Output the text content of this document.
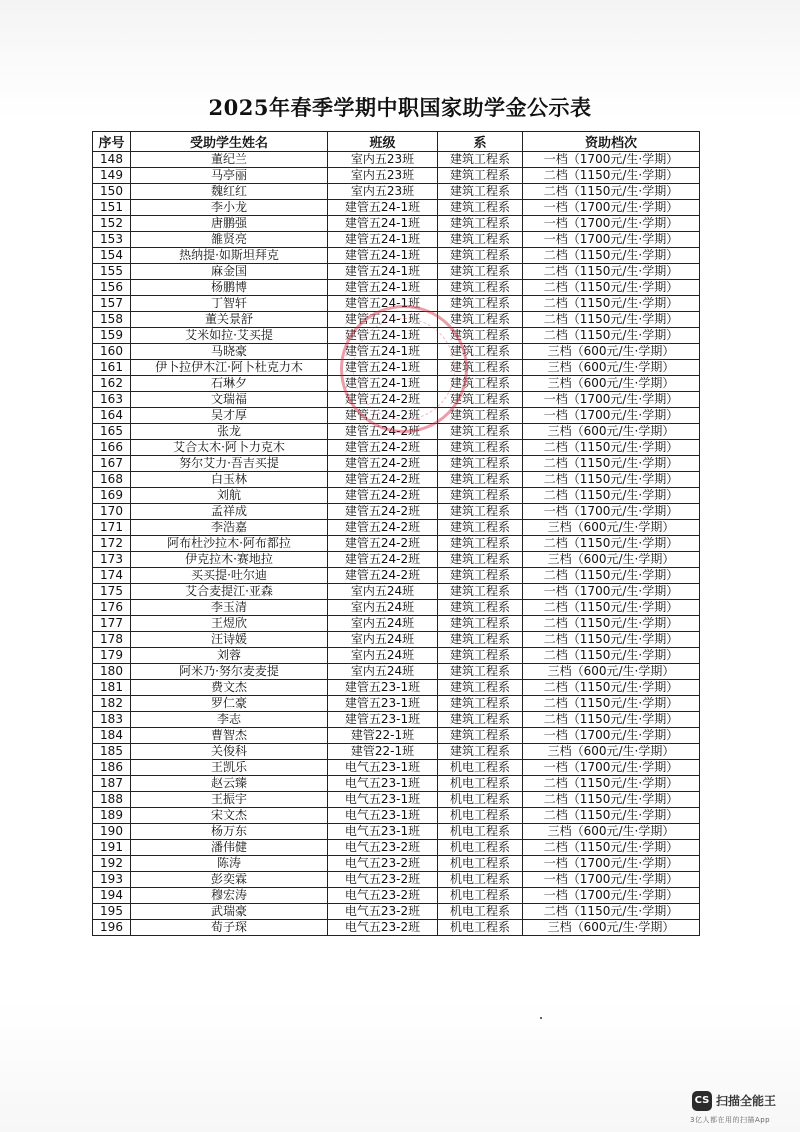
2025年春季学期中职国家助学金公示表
序号	受助学生姓名	班级	系	资助档次
148	董纪兰	室内五23班	建筑工程系	一档（1700元/生·学期）
149	马亭丽	室内五23班	建筑工程系	二档（1150元/生·学期）
150	魏红红	室内五23班	建筑工程系	二档（1150元/生·学期）
151	李小龙	建管五24-1班	建筑工程系	一档（1700元/生·学期）
152	唐鹏强	建管五24-1班	建筑工程系	一档（1700元/生·学期）
153	雒贤亮	建管五24-1班	建筑工程系	一档（1700元/生·学期）
154	热纳提·如斯坦拜克	建管五24-1班	建筑工程系	二档（1150元/生·学期）
155	麻金国	建管五24-1班	建筑工程系	二档（1150元/生·学期）
156	杨鹏博	建管五24-1班	建筑工程系	二档（1150元/生·学期）
157	丁智轩	建管五24-1班	建筑工程系	二档（1150元/生·学期）
158	董关景舒	建管五24-1班	建筑工程系	二档（1150元/生·学期）
159	艾米如拉·艾买提	建管五24-1班	建筑工程系	二档（1150元/生·学期）
160	马晓豪	建管五24-1班	建筑工程系	三档（600元/生·学期）
161	伊卜拉伊木江·阿卜杜克力木	建管五24-1班	建筑工程系	三档（600元/生·学期）
162	石琳夕	建管五24-1班	建筑工程系	三档（600元/生·学期）
163	文瑞福	建管五24-2班	建筑工程系	一档（1700元/生·学期）
164	吴才厚	建管五24-2班	建筑工程系	一档（1700元/生·学期）
165	张龙	建管五24-2班	建筑工程系	三档（600元/生·学期）
166	艾合太木·阿卜力克木	建管五24-2班	建筑工程系	二档（1150元/生·学期）
167	努尔艾力·吾吉买提	建管五24-2班	建筑工程系	二档（1150元/生·学期）
168	白玉林	建管五24-2班	建筑工程系	二档（1150元/生·学期）
169	刘航	建管五24-2班	建筑工程系	二档（1150元/生·学期）
170	孟祥成	建管五24-2班	建筑工程系	一档（1700元/生·学期）
171	李浩嘉	建管五24-2班	建筑工程系	三档（600元/生·学期）
172	阿布杜沙拉木·阿布都拉	建管五24-2班	建筑工程系	二档（1150元/生·学期）
173	伊克拉木·赛地拉	建管五24-2班	建筑工程系	三档（600元/生·学期）
174	买买提·吐尔迪	建管五24-2班	建筑工程系	二档（1150元/生·学期）
175	艾合麦提江·亚森	室内五24班	建筑工程系	一档（1700元/生·学期）
176	李玉清	室内五24班	建筑工程系	二档（1150元/生·学期）
177	王煜欣	室内五24班	建筑工程系	二档（1150元/生·学期）
178	汪诗媛	室内五24班	建筑工程系	二档（1150元/生·学期）
179	刘蓉	室内五24班	建筑工程系	二档（1150元/生·学期）
180	阿米乃·努尔麦麦提	室内五24班	建筑工程系	三档（600元/生·学期）
181	费文杰	建管五23-1班	建筑工程系	二档（1150元/生·学期）
182	罗仁豪	建管五23-1班	建筑工程系	二档（1150元/生·学期）
183	李志	建管五23-1班	建筑工程系	二档（1150元/生·学期）
184	曹智杰	建管22-1班	建筑工程系	一档（1700元/生·学期）
185	关俊科	建管22-1班	建筑工程系	三档（600元/生·学期）
186	王凯乐	电气五23-1班	机电工程系	一档（1700元/生·学期）
187	赵云臻	电气五23-1班	机电工程系	二档（1150元/生·学期）
188	王振宇	电气五23-1班	机电工程系	二档（1150元/生·学期）
189	宋文杰	电气五23-1班	机电工程系	二档（1150元/生·学期）
190	杨万东	电气五23-1班	机电工程系	三档（600元/生·学期）
191	潘伟健	电气五23-2班	机电工程系	二档（1150元/生·学期）
192	陈涛	电气五23-2班	机电工程系	一档（1700元/生·学期）
193	彭奕霖	电气五23-2班	机电工程系	一档（1700元/生·学期）
194	穆宏涛	电气五23-2班	机电工程系	一档（1700元/生·学期）
195	武瑞豪	电气五23-2班	机电工程系	二档（1150元/生·学期）
196	荀子琛	电气五23-2班	机电工程系	三档（600元/生·学期）
CS 扫描全能王
3亿人都在用的扫描App
